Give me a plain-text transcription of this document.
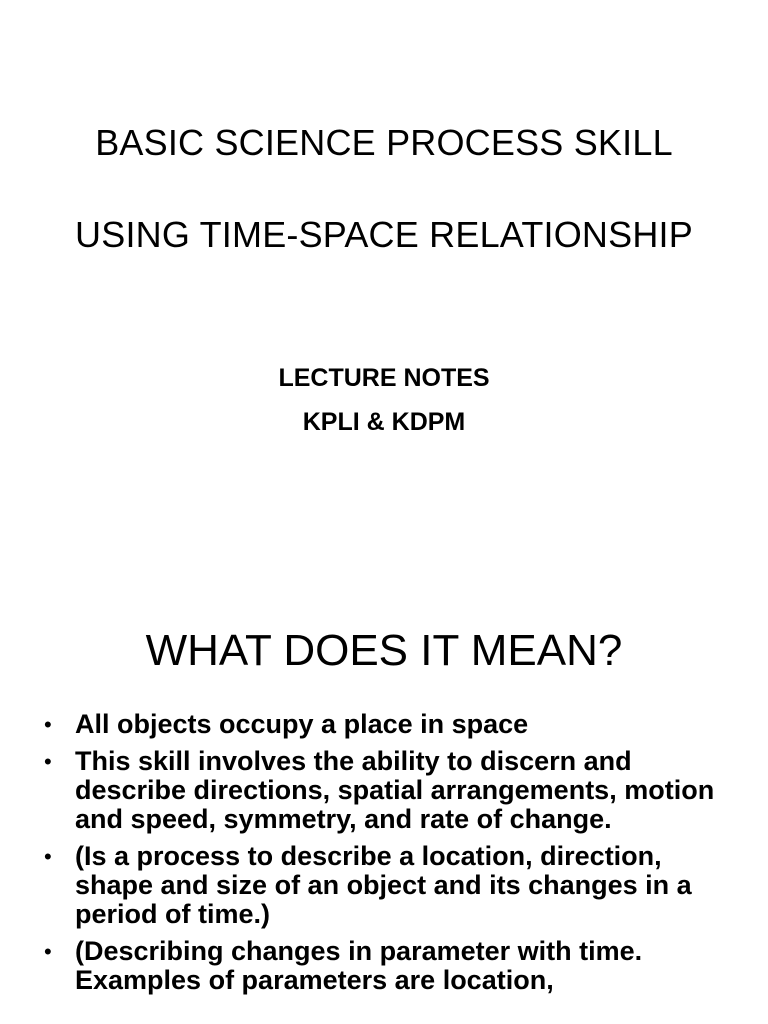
BASIC SCIENCE PROCESS SKILL
USING TIME-SPACE RELATIONSHIP
LECTURE NOTES
KPLI & KDPM
WHAT DOES IT MEAN?
• All objects occupy a place in space
• This skill involves the ability to discern and describe directions, spatial arrangements, motion and speed, symmetry, and rate of change.
• (Is a process to describe a location, direction, shape and size of an object and its changes in a period of time.)
• (Describing changes in parameter with time. Examples of parameters are location,
